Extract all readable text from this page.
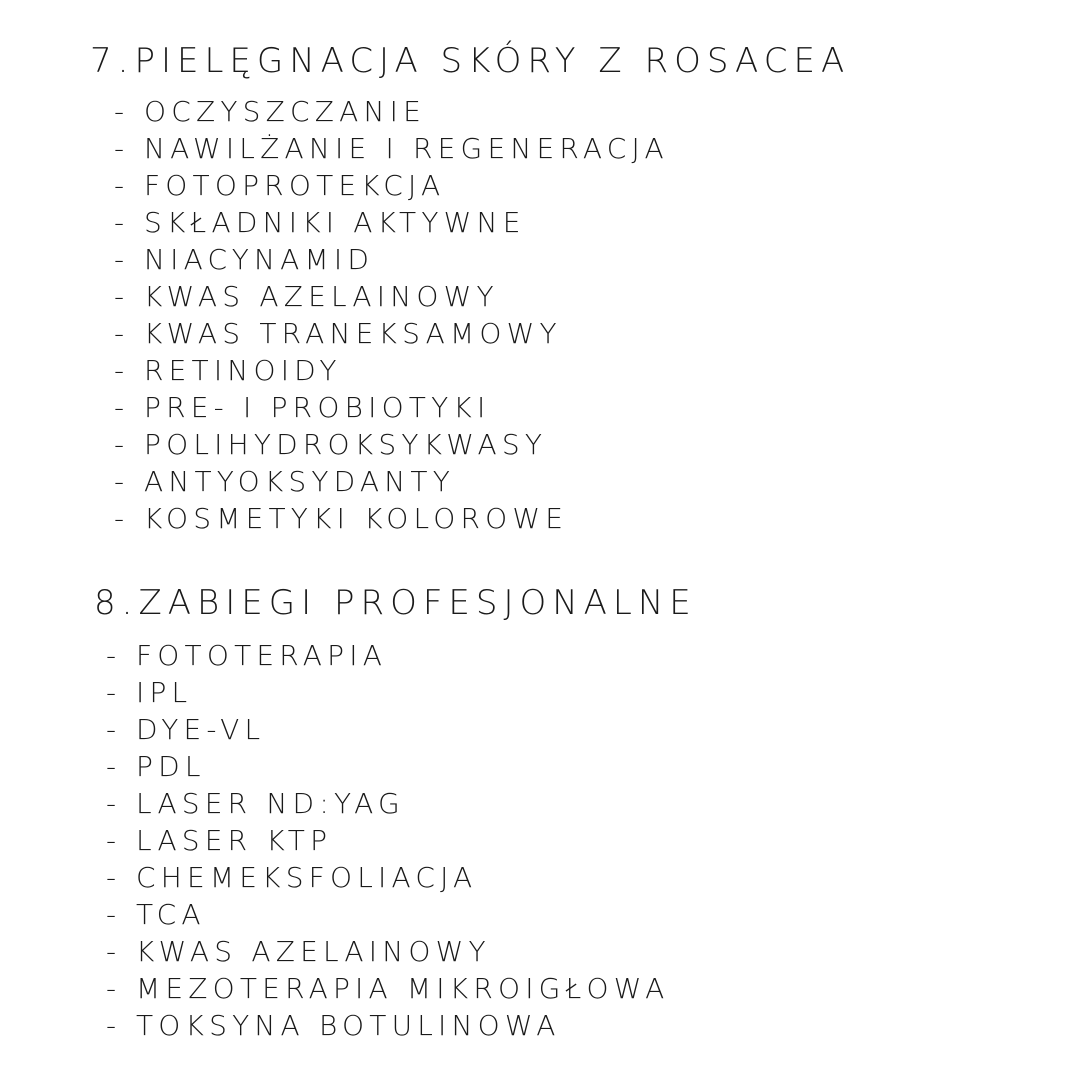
7.PIELĘGNACJA SKÓRY Z ROSACEA
- OCZYSZCZANIE
- NAWILŻANIE I REGENERACJA
- FOTOPROTEKCJA
- SKŁADNIKI AKTYWNE
- NIACYNAMID
- KWAS AZELAINOWY
- KWAS TRANEKSAMOWY
- RETINOIDY
- PRE- I PROBIOTYKI
- POLIHYDROKSYKWASY
- ANTYOKSYDANTY
- KOSMETYKI KOLOROWE
8.ZABIEGI PROFESJONALNE
- FOTOTERAPIA
- IPL
- DYE-VL
- PDL
- LASER ND:YAG
- LASER KTP
- CHEMEKSFOLIACJA
- TCA
- KWAS AZELAINOWY
- MEZOTERAPIA MIKROIGŁOWA
- TOKSYNA BOTULINOWA
